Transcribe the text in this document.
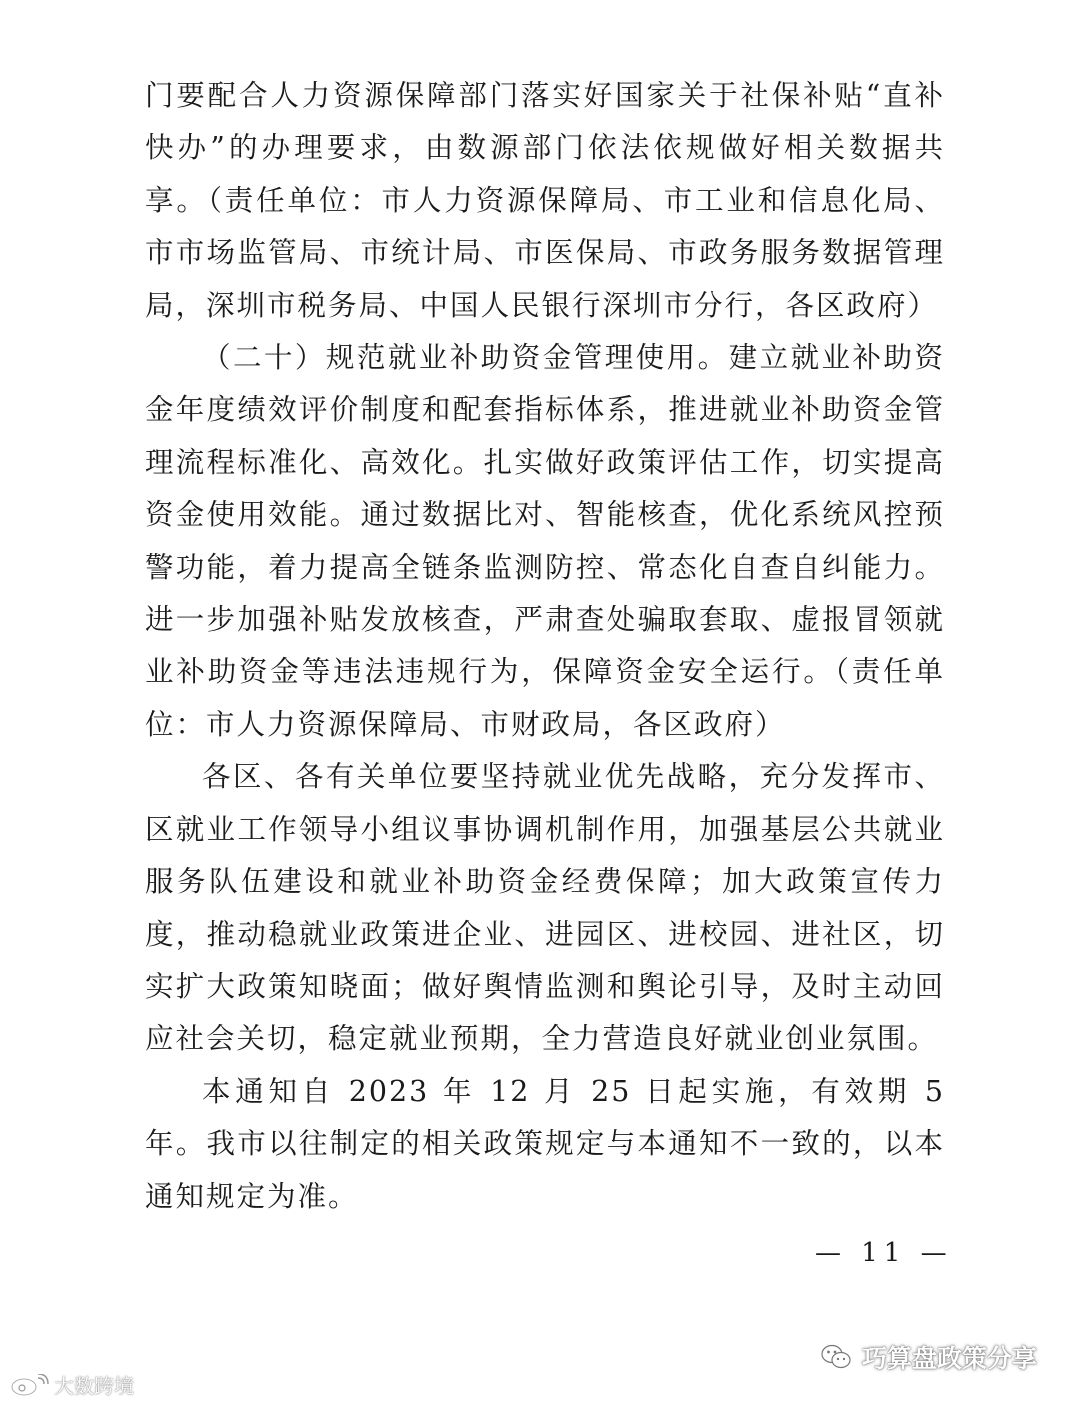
门要配合人力资源保障部门落实好国家关于社保补贴“直补快办”的办理要求，由数源部门依法依规做好相关数据共享。（责任单位：市人力资源保障局、市工业和信息化局、市市场监管局、市统计局、市医保局、市政务服务数据管理局，深圳市税务局、中国人民银行深圳市分行，各区政府）

（二十）规范就业补助资金管理使用。建立就业补助资金年度绩效评价制度和配套指标体系，推进就业补助资金管理流程标准化、高效化。扎实做好政策评估工作，切实提高资金使用效能。通过数据比对、智能核查，优化系统风控预警功能，着力提高全链条监测防控、常态化自查自纠能力。进一步加强补贴发放核查，严肃查处骗取套取、虚报冒领就业补助资金等违法违规行为，保障资金安全运行。（责任单位：市人力资源保障局、市财政局，各区政府）

各区、各有关单位要坚持就业优先战略，充分发挥市、区就业工作领导小组议事协调机制作用，加强基层公共就业服务队伍建设和就业补助资金经费保障；加大政策宣传力度，推动稳就业政策进企业、进园区、进校园、进社区，切实扩大政策知晓面；做好舆情监测和舆论引导，及时主动回应社会关切，稳定就业预期，全力营造良好就业创业氛围。

本通知自 2023 年 12 月 25 日起实施，有效期 5 年。我市以往制定的相关政策规定与本通知不一致的，以本通知规定为准。

— 11 —
大数跨境
巧算盘政策分享
